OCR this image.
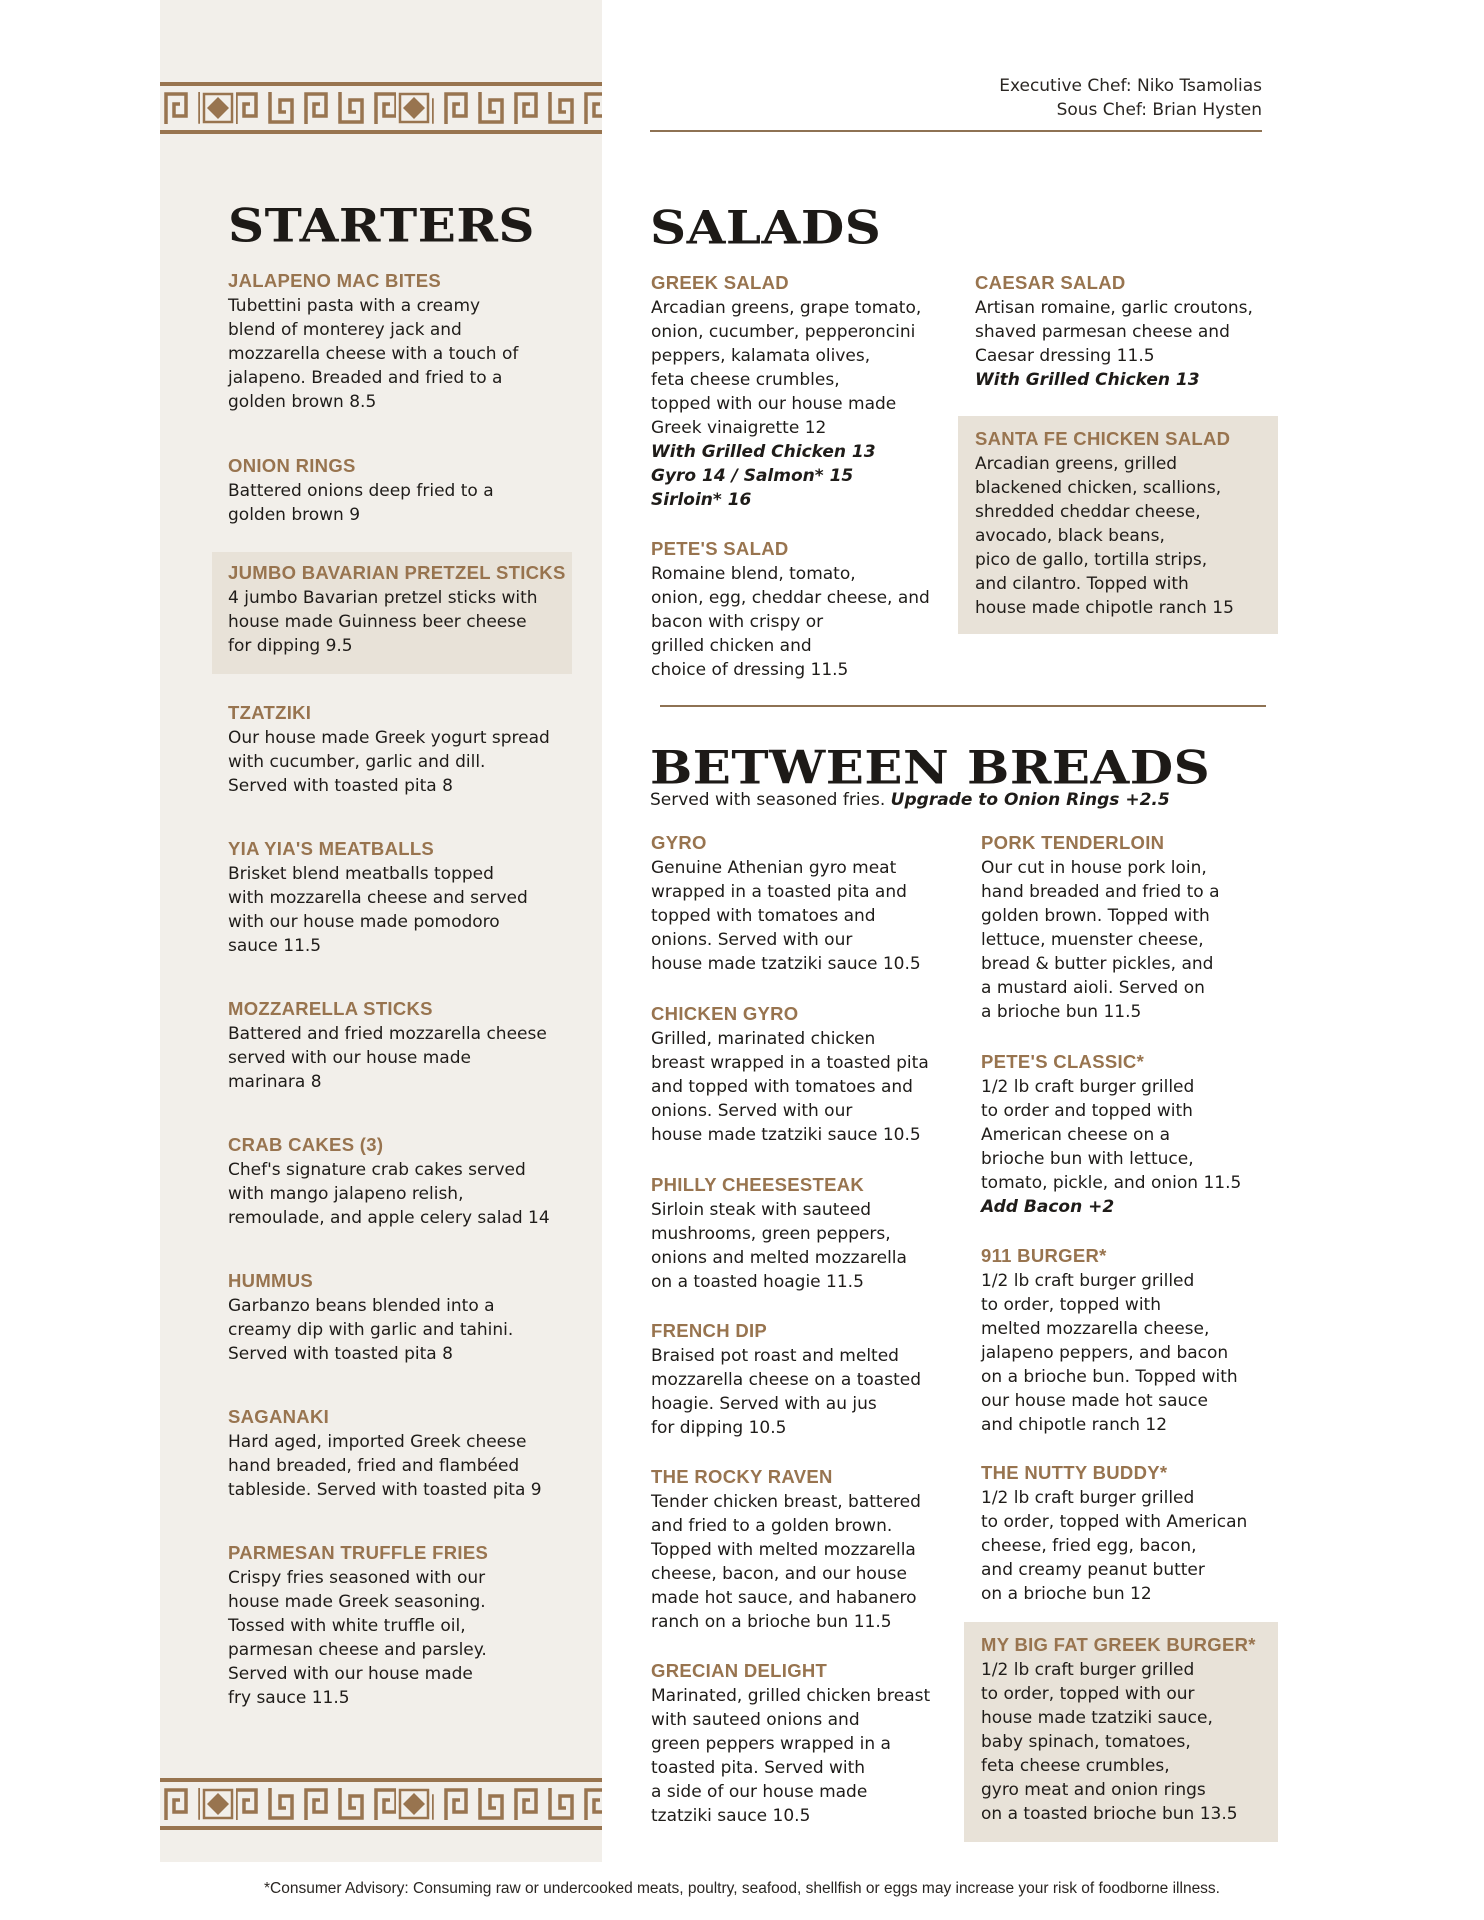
Executive Chef: Niko Tsamolias
Sous Chef: Brian Hysten
STARTERS
JALAPENO MAC BITES
Tubettini pasta with a creamy
blend of monterey jack and
mozzarella cheese with a touch of
jalapeno. Breaded and fried to a
golden brown 8.5
ONION RINGS
Battered onions deep fried to a
golden brown 9
JUMBO BAVARIAN PRETZEL STICKS
4 jumbo Bavarian pretzel sticks with
house made Guinness beer cheese
for dipping 9.5
TZATZIKI
Our house made Greek yogurt spread
with cucumber, garlic and dill.
Served with toasted pita 8
YIA YIA'S MEATBALLS
Brisket blend meatballs topped
with mozzarella cheese and served
with our house made pomodoro
sauce 11.5
MOZZARELLA STICKS
Battered and fried mozzarella cheese
served with our house made
marinara 8
CRAB CAKES (3)
Chef's signature crab cakes served
with mango jalapeno relish,
remoulade, and apple celery salad 14
HUMMUS
Garbanzo beans blended into a
creamy dip with garlic and tahini.
Served with toasted pita 8
SAGANAKI
Hard aged, imported Greek cheese
hand breaded, fried and flambéed
tableside. Served with toasted pita 9
PARMESAN TRUFFLE FRIES
Crispy fries seasoned with our
house made Greek seasoning.
Tossed with white truffle oil,
parmesan cheese and parsley.
Served with our house made
fry sauce 11.5
SALADS
GREEK SALAD
Arcadian greens, grape tomato,
onion, cucumber, pepperoncini
peppers, kalamata olives,
feta cheese crumbles,
topped with our house made
Greek vinaigrette 12
With Grilled Chicken 13
Gyro 14 / Salmon* 15
Sirloin* 16
PETE'S SALAD
Romaine blend, tomato,
onion, egg, cheddar cheese, and
bacon with crispy or
grilled chicken and
choice of dressing 11.5
CAESAR SALAD
Artisan romaine, garlic croutons,
shaved parmesan cheese and
Caesar dressing 11.5
With Grilled Chicken 13
SANTA FE CHICKEN SALAD
Arcadian greens, grilled
blackened chicken, scallions,
shredded cheddar cheese,
avocado, black beans,
pico de gallo, tortilla strips,
and cilantro. Topped with
house made chipotle ranch 15
BETWEEN BREADS
Served with seasoned fries. Upgrade to Onion Rings +2.5
GYRO
Genuine Athenian gyro meat
wrapped in a toasted pita and
topped with tomatoes and
onions. Served with our
house made tzatziki sauce 10.5
CHICKEN GYRO
Grilled, marinated chicken
breast wrapped in a toasted pita
and topped with tomatoes and
onions. Served with our
house made tzatziki sauce 10.5
PHILLY CHEESESTEAK
Sirloin steak with sauteed
mushrooms, green peppers,
onions and melted mozzarella
on a toasted hoagie 11.5
FRENCH DIP
Braised pot roast and melted
mozzarella cheese on a toasted
hoagie. Served with au jus
for dipping 10.5
THE ROCKY RAVEN
Tender chicken breast, battered
and fried to a golden brown.
Topped with melted mozzarella
cheese, bacon, and our house
made hot sauce, and habanero
ranch on a brioche bun 11.5
GRECIAN DELIGHT
Marinated, grilled chicken breast
with sauteed onions and
green peppers wrapped in a
toasted pita. Served with
a side of our house made
tzatziki sauce 10.5
PORK TENDERLOIN
Our cut in house pork loin,
hand breaded and fried to a
golden brown. Topped with
lettuce, muenster cheese,
bread & butter pickles, and
a mustard aioli. Served on
a brioche bun 11.5
PETE'S CLASSIC*
1/2 lb craft burger grilled
to order and topped with
American cheese on a
brioche bun with lettuce,
tomato, pickle, and onion 11.5
Add Bacon +2
911 BURGER*
1/2 lb craft burger grilled
to order, topped with
melted mozzarella cheese,
jalapeno peppers, and bacon
on a brioche bun. Topped with
our house made hot sauce
and chipotle ranch 12
THE NUTTY BUDDY*
1/2 lb craft burger grilled
to order, topped with American
cheese, fried egg, bacon,
and creamy peanut butter
on a brioche bun 12
MY BIG FAT GREEK BURGER*
1/2 lb craft burger grilled
to order, topped with our
house made tzatziki sauce,
baby spinach, tomatoes,
feta cheese crumbles,
gyro meat and onion rings
on a toasted brioche bun 13.5
*Consumer Advisory: Consuming raw or undercooked meats, poultry, seafood, shellfish or eggs may increase your risk of foodborne illness.
